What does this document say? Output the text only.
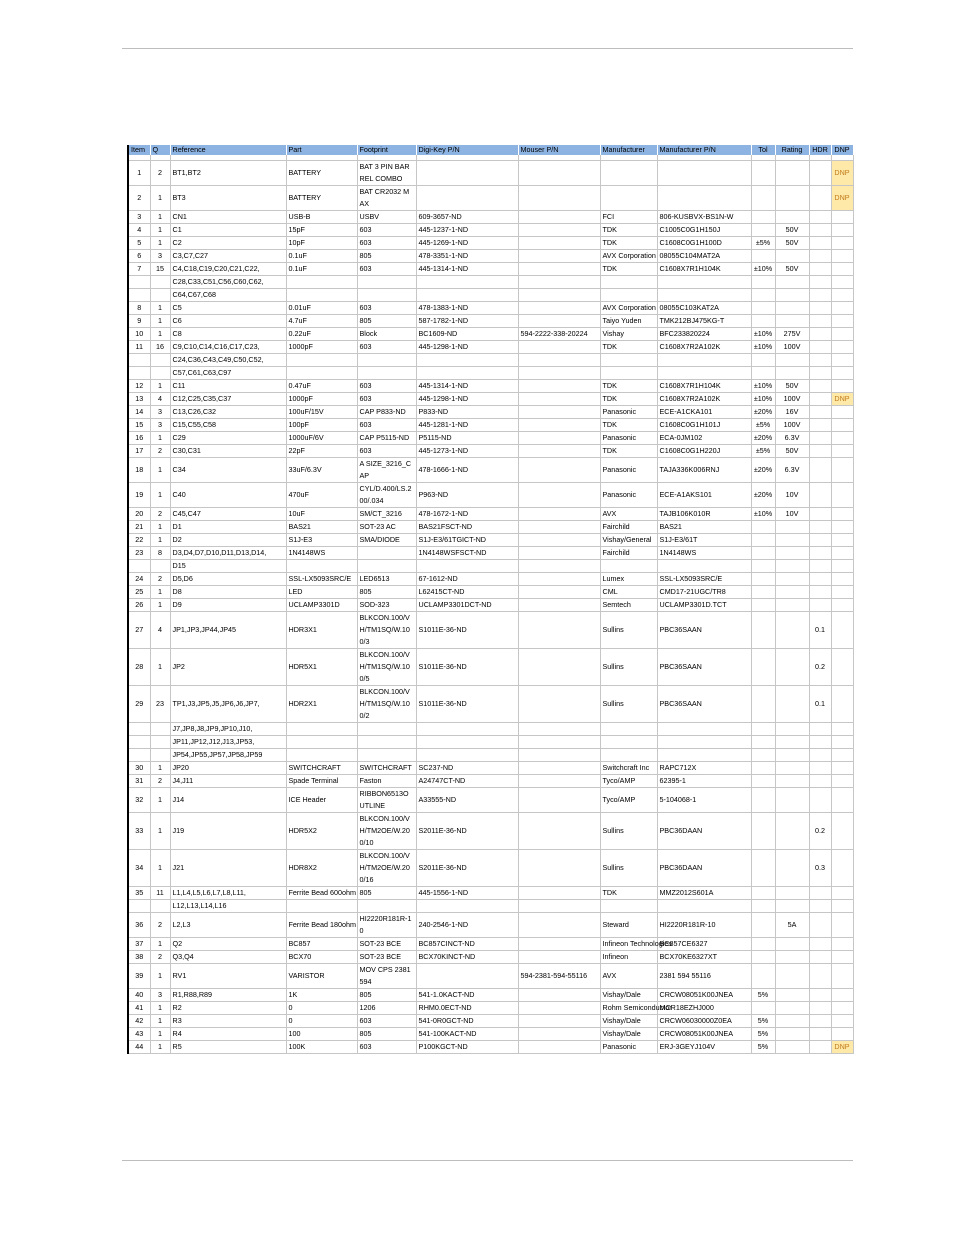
Item	Q	Reference	Part	Footprint	Digi-Key P/N	Mouser P/N	Manufacturer	Manufacturer P/N	Tol	Rating	HDR	DNP

1	2	BT1,BT2	BATTERY	BAT 3 PIN BARREL COMBO								DNP
2	1	BT3	BATTERY	BAT CR2032 MAX								DNP
3	1	CN1	USB-B	USBV	609-3657-ND		FCI	806-KUSBVX-BS1N-W				
4	1	C1	15pF	603	445-1237-1-ND		TDK	C1005C0G1H150J		50V		
5	1	C2	10pF	603	445-1269-1-ND		TDK	C1608C0G1H100D	±5%	50V		
6	3	C3,C7,C27	0.1uF	805	478-3351-1-ND		AVX Corporation	08055C104MAT2A				
7	15	C4,C18,C19,C20,C21,C22,	0.1uF	603	445-1314-1-ND		TDK	C1608X7R1H104K	±10%	50V		
		C28,C33,C51,C56,C60,C62,										
		C64,C67,C68										
8	1	C5	0.01uF	603	478-1383-1-ND		AVX Corporation	08055C103KAT2A				
9	1	C6	4.7uF	805	587-1782-1-ND		Taiyo Yuden	TMK212BJ475KG-T				
10	1	C8	0.22uF	Block	BC1609-ND	594-2222-338-20224	Vishay	BFC233820224	±10%	275V		
11	16	C9,C10,C14,C16,C17,C23,	1000pF	603	445-1298-1-ND		TDK	C1608X7R2A102K	±10%	100V		
		C24,C36,C43,C49,C50,C52,										
		C57,C61,C63,C97										
12	1	C11	0.47uF	603	445-1314-1-ND		TDK	C1608X7R1H104K	±10%	50V		
13	4	C12,C25,C35,C37	1000pF	603	445-1298-1-ND		TDK	C1608X7R2A102K	±10%	100V		DNP
14	3	C13,C26,C32	100uF/15V	CAP P833-ND	P833-ND		Panasonic	ECE-A1CKA101	±20%	16V		
15	3	C15,C55,C58	100pF	603	445-1281-1-ND		TDK	C1608C0G1H101J	±5%	100V		
16	1	C29	1000uF/6V	CAP P5115-ND	P5115-ND		Panasonic	ECA-0JM102	±20%	6.3V		
17	2	C30,C31	22pF	603	445-1273-1-ND		TDK	C1608C0G1H220J	±5%	50V		
18	1	C34	33uF/6.3V	A SIZE_3216_CAP	478-1666-1-ND		Panasonic	TAJA336K006RNJ	±20%	6.3V		
19	1	C40	470uF	CYL/D.400/LS.200/.034	P963-ND		Panasonic	ECE-A1AKS101	±20%	10V		
20	2	C45,C47	10uF	SM/CT_3216	478-1672-1-ND		AVX	TAJB106K010R	±10%	10V		
21	1	D1	BAS21	SOT-23 AC	BAS21FSCT-ND		Fairchild	BAS21				
22	1	D2	S1J-E3	SMA/DIODE	S1J-E3/61TGICT-ND		Vishay/General	S1J-E3/61T				
23	8	D3,D4,D7,D10,D11,D13,D14,	1N4148WS		1N4148WSFSCT-ND		Fairchild	1N4148WS				
		D15										
24	2	D5,D6	SSL-LX5093SRC/E	LED6513	67-1612-ND		Lumex	SSL-LX5093SRC/E				
25	1	D8	LED	805	L62415CT-ND		CML	CMD17-21UGC/TR8				
26	1	D9	UCLAMP3301D	SOD-323	UCLAMP3301DCT-ND		Semtech	UCLAMP3301D.TCT				
27	4	JP1,JP3,JP44,JP45	HDR3X1	BLKCON.100/VH/TM1SQ/W.100/3	S1011E-36-ND		Sullins	PBC36SAAN			0.1	
28	1	JP2	HDR5X1	BLKCON.100/VH/TM1SQ/W.100/5	S1011E-36-ND		Sullins	PBC36SAAN			0.2	
29	23	TP1,J3,JP5,J5,JP6,J6,JP7,	HDR2X1	BLKCON.100/VH/TM1SQ/W.100/2	S1011E-36-ND		Sullins	PBC36SAAN			0.1	
		J7,JP8,J8,JP9,JP10,J10,										
		JP11,JP12,J12,J13,JP53,										
		JP54,JP55,JP57,JP58,JP59										
30	1	JP20	SWITCHCRAFT	SWITCHCRAFT	SC237-ND		Switchcraft Inc	RAPC712X				
31	2	J4,J11	Spade Terminal	Faston	A24747CT-ND		Tyco/AMP	62395-1				
32	1	J14	ICE Header	RIBBON6513OUTLINE	A33555-ND		Tyco/AMP	5-104068-1				
33	1	J19	HDR5X2	BLKCON.100/VH/TM2OE/W.200/10	S2011E-36-ND		Sullins	PBC36DAAN			0.2	
34	1	J21	HDR8X2	BLKCON.100/VH/TM2OE/W.200/16	S2011E-36-ND		Sullins	PBC36DAAN			0.3	
35	11	L1,L4,L5,L6,L7,L8,L11,	Ferrite Bead 600ohm	805	445-1556-1-ND		TDK	MMZ2012S601A				
		L12,L13,L14,L16										
36	2	L2,L3	Ferrite Bead 180ohm	HI2220R181R-10	240-2546-1-ND		Steward	HI2220R181R-10		5A		
37	1	Q2	BC857	SOT-23 BCE	BC857CINCT-ND		Infineon Technologies	BC857CE6327				
38	2	Q3,Q4	BCX70	SOT-23 BCE	BCX70KINCT-ND		Infineon	BCX70KE6327XT				
39	1	RV1	VARISTOR	MOV CPS 2381594		594-2381-594-55116	AVX	2381 594 55116				
40	3	R1,R88,R89	1K	805	541-1.0KACT-ND		Vishay/Dale	CRCW08051K00JNEA	5%			
41	1	R2	0	1206	RHM0.0ECT-ND		Rohm Semiconductor	MCR18EZHJ000				
42	1	R3	0	603	541-0R0GCT-ND		Vishay/Dale	CRCW06030000Z0EA	5%			
43	1	R4	100	805	541-100KACT-ND		Vishay/Dale	CRCW08051K00JNEA	5%			
44	1	R5	100K	603	P100KGCT-ND		Panasonic	ERJ-3GEYJ104V	5%			DNP
